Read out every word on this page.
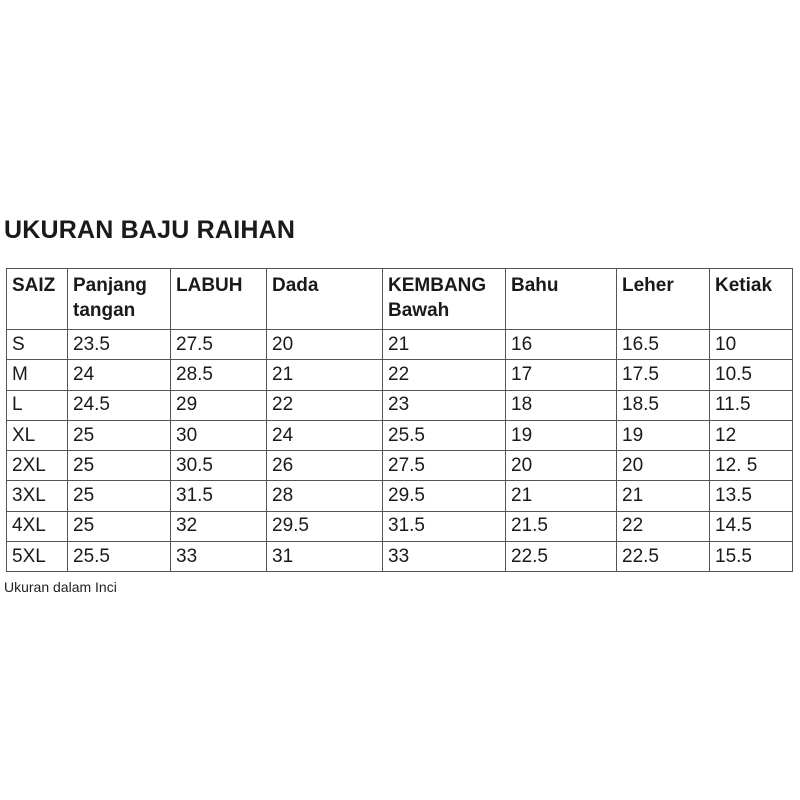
UKURAN BAJU RAIHAN
SAIZ	Panjang tangan	LABUH	Dada	KEMBANG Bawah	Bahu	Leher	Ketiak
S	23.5	27.5	20	21	16	16.5	10
M	24	28.5	21	22	17	17.5	10.5
L	24.5	29	22	23	18	18.5	11.5
XL	25	30	24	25.5	19	19	12
2XL	25	30.5	26	27.5	20	20	12. 5
3XL	25	31.5	28	29.5	21	21	13.5
4XL	25	32	29.5	31.5	21.5	22	14.5
5XL	25.5	33	31	33	22.5	22.5	15.5
Ukuran dalam Inci
